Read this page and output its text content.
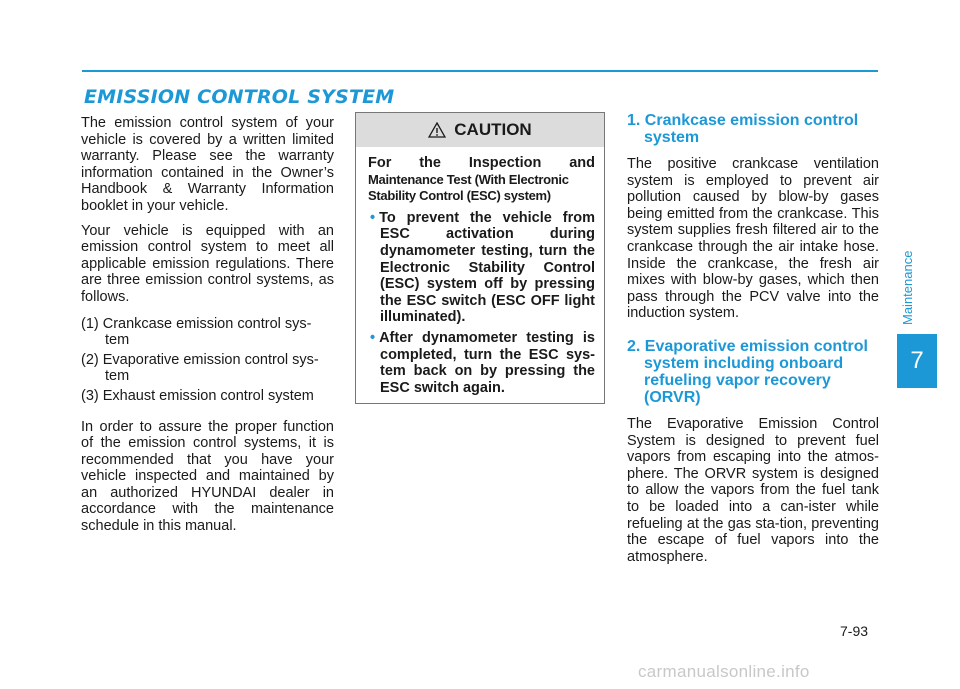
EMISSION CONTROL SYSTEM

The emission control system of your vehicle is covered by a written limited warranty. Please see the warranty information contained in the Owner’s Handbook & Warranty Information booklet in your vehicle.

Your vehicle is equipped with an emission control system to meet all applicable emission regulations. There are three emission control systems, as follows.

(1) Crankcase emission control sys-tem
(2) Evaporative emission control sys-tem
(3) Exhaust emission control system

In order to assure the proper function of the emission control systems, it is recommended that you have your vehicle inspected and maintained by an authorized HYUNDAI dealer in accordance with the maintenance schedule in this manual.

CAUTION

For the Inspection and
Maintenance Test (With Electronic Stability Control (ESC) system)

• To prevent the vehicle from ESC activation during dynamometer testing, turn the Electronic Stability Control (ESC) system off by pressing the ESC switch (ESC OFF light illuminated).
• After dynamometer testing is completed, turn the ESC sys-tem back on by pressing the ESC switch again.
1. Crankcase emission control system

The positive crankcase ventilation system is employed to prevent air pollution caused by blow-by gases being emitted from the crankcase. This system supplies fresh filtered air to the crankcase through the air intake hose. Inside the crankcase, the fresh air mixes with blow-by gases, which then pass through the PCV valve into the induction system.

2. Evaporative emission control system including onboard refueling vapor recovery (ORVR)

The Evaporative Emission Control System is designed to prevent fuel vapors from escaping into the atmos-phere. The ORVR system is designed to allow the vapors from the fuel tank to be loaded into a can-ister while refueling at the gas sta-tion, preventing the escape of fuel vapors into the atmosphere.

Maintenance
7
7-93
carmanualsonline.info
